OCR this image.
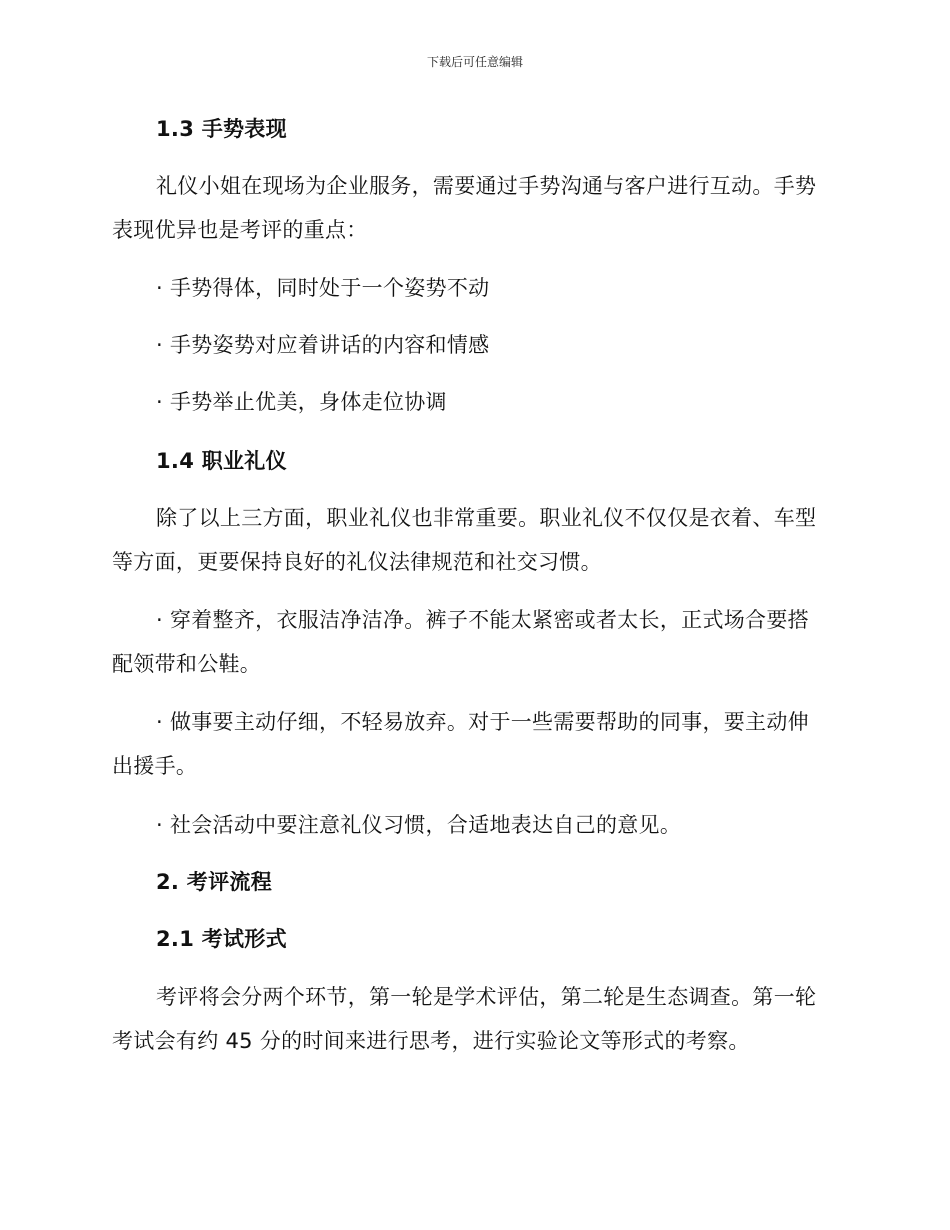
下载后可任意编辑
1.3 手势表现
礼仪小姐在现场为企业服务，需要通过手势沟通与客户进行互动。手势
表现优异也是考评的重点：
· 手势得体，同时处于一个姿势不动
· 手势姿势对应着讲话的内容和情感
· 手势举止优美，身体走位协调
1.4 职业礼仪
除了以上三方面，职业礼仪也非常重要。职业礼仪不仅仅是衣着、车型
等方面，更要保持良好的礼仪法律规范和社交习惯。
· 穿着整齐，衣服洁净洁净。裤子不能太紧密或者太长，正式场合要搭
配领带和公鞋。
· 做事要主动仔细，不轻易放弃。对于一些需要帮助的同事，要主动伸
出援手。
· 社会活动中要注意礼仪习惯，合适地表达自己的意见。
2. 考评流程
2.1 考试形式
考评将会分两个环节，第一轮是学术评估，第二轮是生态调查。第一轮
考试会有约 45 分的时间来进行思考，进行实验论文等形式的考察。
